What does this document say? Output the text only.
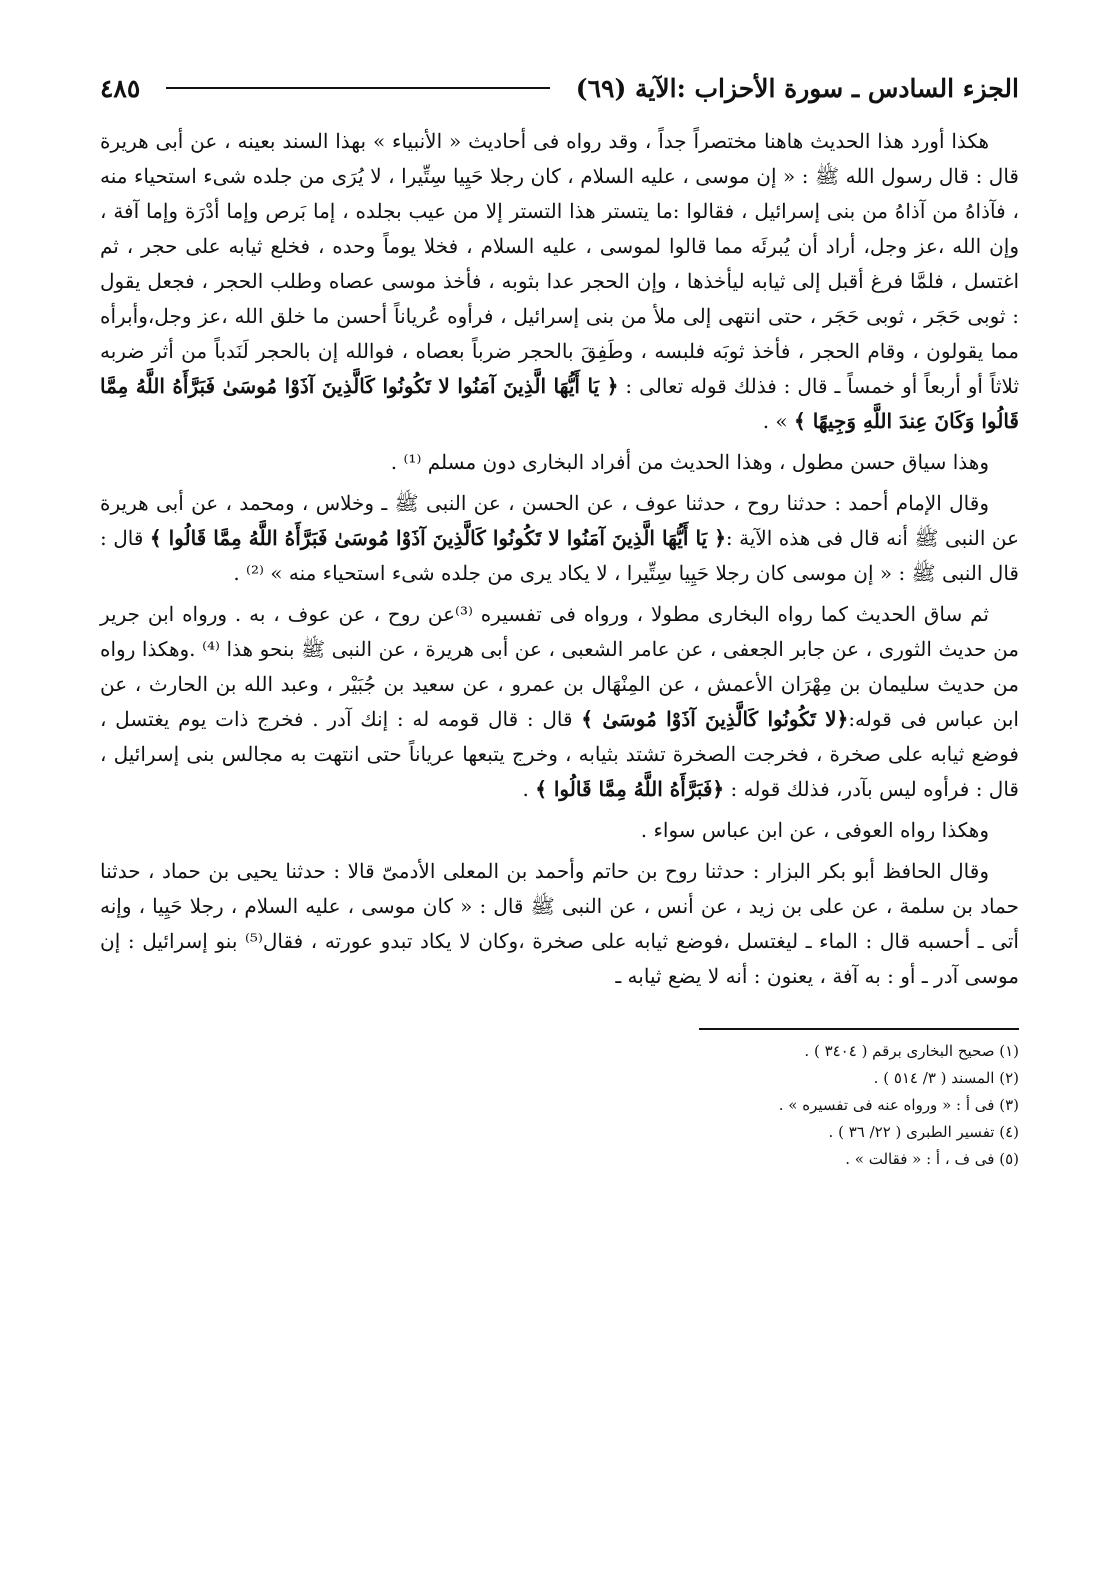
الجزء السادس ـ سورة الأحزاب :الآية (٦٩)
٤٨٥

هكذا أورد هذا الحديث هاهنا مختصراً جداً ، وقد رواه فى أحاديث « الأنبياء » بهذا السند بعينه ، عن أبى هريرة قال : قال رسول الله ﷺ : « إن موسى ، عليه السلام ، كان رجلا حَيِيا سِتِّيرا ، لا يُرَى من جلده شىء استحياء منه ، فآذاهُ من آذاهُ من بنى إسرائيل ، فقالوا :ما يتستر هذا التستر إلا من عيب بجلده ، إما بَرص وإما أدْرَة وإما آفة ، وإن الله ،عز وجل، أراد أن يُبرئَه مما قالوا لموسى ، عليه السلام ، فخلا يوماً وحده ، فخلع ثيابه على حجر ، ثم اغتسل ، فلمَّا فرغ أقبل إلى ثيابه ليأخذها ، وإن الحجر عدا بثوبه ، فأخذ موسى عصاه وطلب الحجر ، فجعل يقول : ثوبى حَجَر ، ثوبى حَجَر ، حتى انتهى إلى ملأ من بنى إسرائيل ، فرأوه عُرياناً أحسن ما خلق الله ،عز وجل،وأبرأه مما يقولون ، وقام الحجر ، فأخذ ثوبَه فلبسه ، وطَفِقَ بالحجر ضرباً بعصاه ، فوالله إن بالحجر لَنَدباً من أثر ضربه ثلاثاً أو أربعاً أو خمساً ـ قال : فذلك قوله تعالى : ﴿ يَا أَيُّهَا الَّذِينَ آمَنُوا لا تَكُونُوا كَالَّذِينَ آذَوْا مُوسَىٰ فَبَرَّأَهُ اللَّهُ مِمَّا قَالُوا وَكَانَ عِندَ اللَّهِ وَجِيهًا ﴾ » .

وهذا سياق حسن مطول ، وهذا الحديث من أفراد البخارى دون مسلم ⁽¹⁾ .

وقال الإمام أحمد : حدثنا روح ، حدثنا عوف ، عن الحسن ، عن النبى ﷺ ـ وخلاس ، ومحمد ، عن أبى هريرة عن النبى ﷺ أنه قال فى هذه الآية :﴿ يَا أَيُّهَا الَّذِينَ آمَنُوا لا تَكُونُوا كَالَّذِينَ آذَوْا مُوسَىٰ فَبَرَّأَهُ اللَّهُ مِمَّا قَالُوا ﴾ قال : قال النبى ﷺ : « إن موسى كان رجلا حَيِيا سِتِّيرا ، لا يكاد يرى من جلده شىء استحياء منه » ⁽²⁾ .

ثم ساق الحديث كما رواه البخارى مطولا ، ورواه فى تفسيره ⁽³⁾عن روح ، عن عوف ، به . ورواه ابن جرير من حديث الثورى ، عن جابر الجعفى ، عن عامر الشعبى ، عن أبى هريرة ، عن النبى ﷺ بنحو هذا ⁽⁴⁾ .وهكذا رواه من حديث سليمان بن مِهْرَان الأعمش ، عن المِنْهَال بن عمرو ، عن سعيد بن جُبَيْر ، وعبد الله بن الحارث ، عن ابن عباس فى قوله:﴿لا تَكُونُوا كَالَّذِينَ آذَوْا مُوسَىٰ ﴾ قال : قال قومه له : إنك آدر . فخرج ذات يوم يغتسل ، فوضع ثيابه على صخرة ، فخرجت الصخرة تشتد بثيابه ، وخرج يتبعها عرياناً حتى انتهت به مجالس بنى إسرائيل ، قال : فرأوه ليس بآدر، فذلك قوله : ﴿فَبَرَّأَهُ اللَّهُ مِمَّا قَالُوا ﴾ .

وهكذا رواه العوفى ، عن ابن عباس سواء .

وقال الحافظ أبو بكر البزار : حدثنا روح بن حاتم وأحمد بن المعلى الأدمىّ قالا : حدثنا يحيى بن حماد ، حدثنا حماد بن سلمة ، عن على بن زيد ، عن أنس ، عن النبى ﷺ قال : « كان موسى ، عليه السلام ، رجلا حَيِيا ، وإنه أتى ـ أحسبه قال : الماء ـ ليغتسل ،فوضع ثيابه على صخرة ،وكان لا يكاد تبدو عورته ، فقال⁽⁵⁾ بنو إسرائيل : إن موسى آدر ـ أو : به آفة ، يعنون : أنه لا يضع ثيابه ـ

(١) صحيح البخارى برقم ( ٣٤٠٤ ) .
(٢) المسند ( ٣/ ٥١٤ ) .
(٣) فى أ : « ورواه عنه فى تفسيره » .
(٤) تفسير الطبرى ( ٢٢/ ٣٦ ) .
(٥) فى ف ، أ : « فقالت » .
